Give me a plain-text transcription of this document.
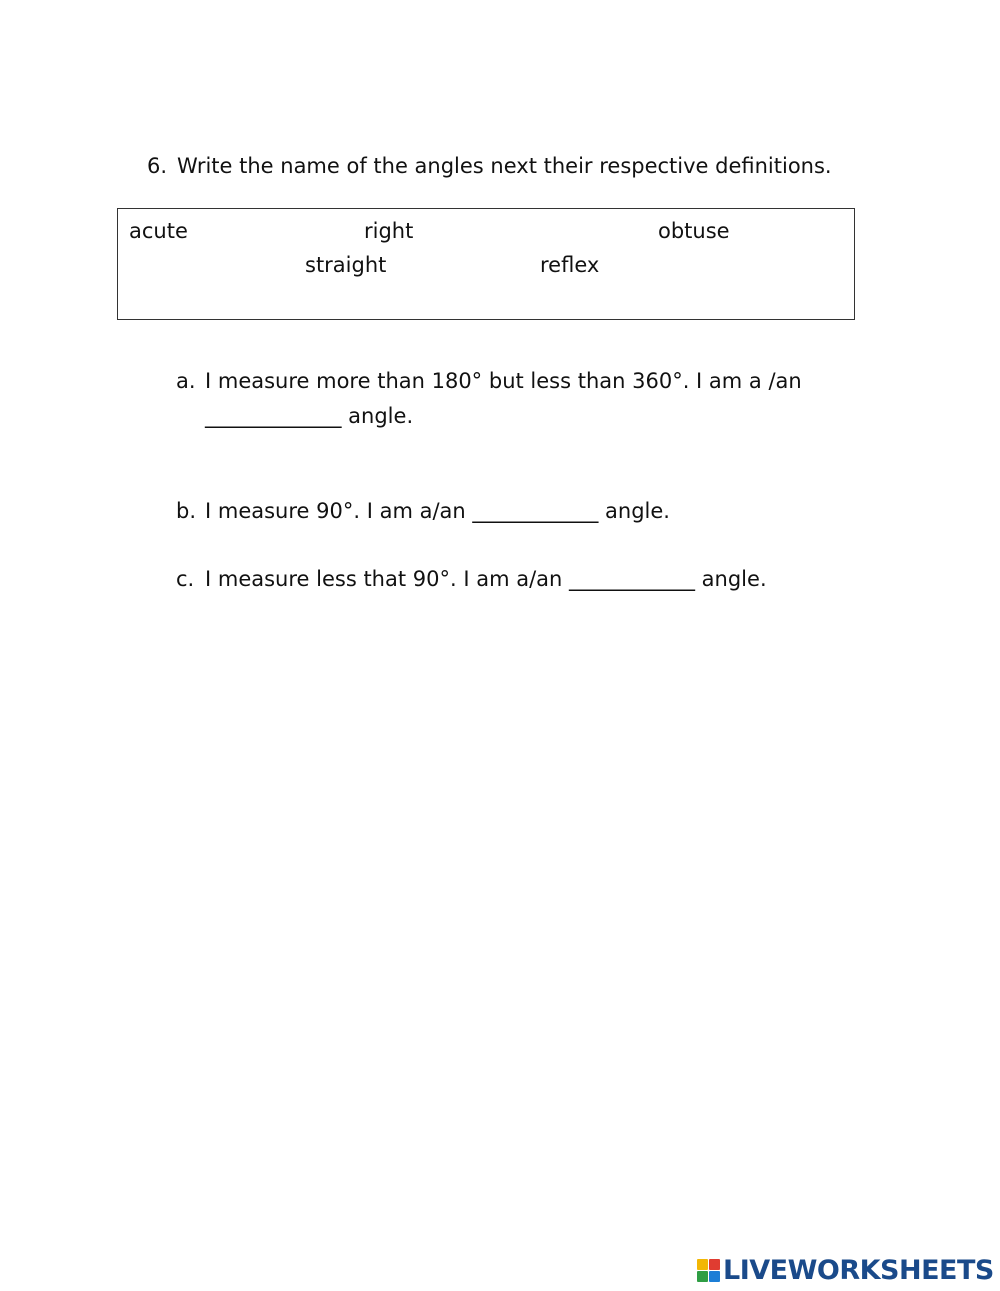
6. Write the name of the angles next their respective definitions.
acute	right	obtuse
straight	reflex
a. I measure more than 180° but less than 360°. I am a /an
_____________ angle.
b. I measure 90°. I am a/an ____________ angle.
c. I measure less that 90°. I am a/an ____________ angle.
LIVEWORKSHEETS
